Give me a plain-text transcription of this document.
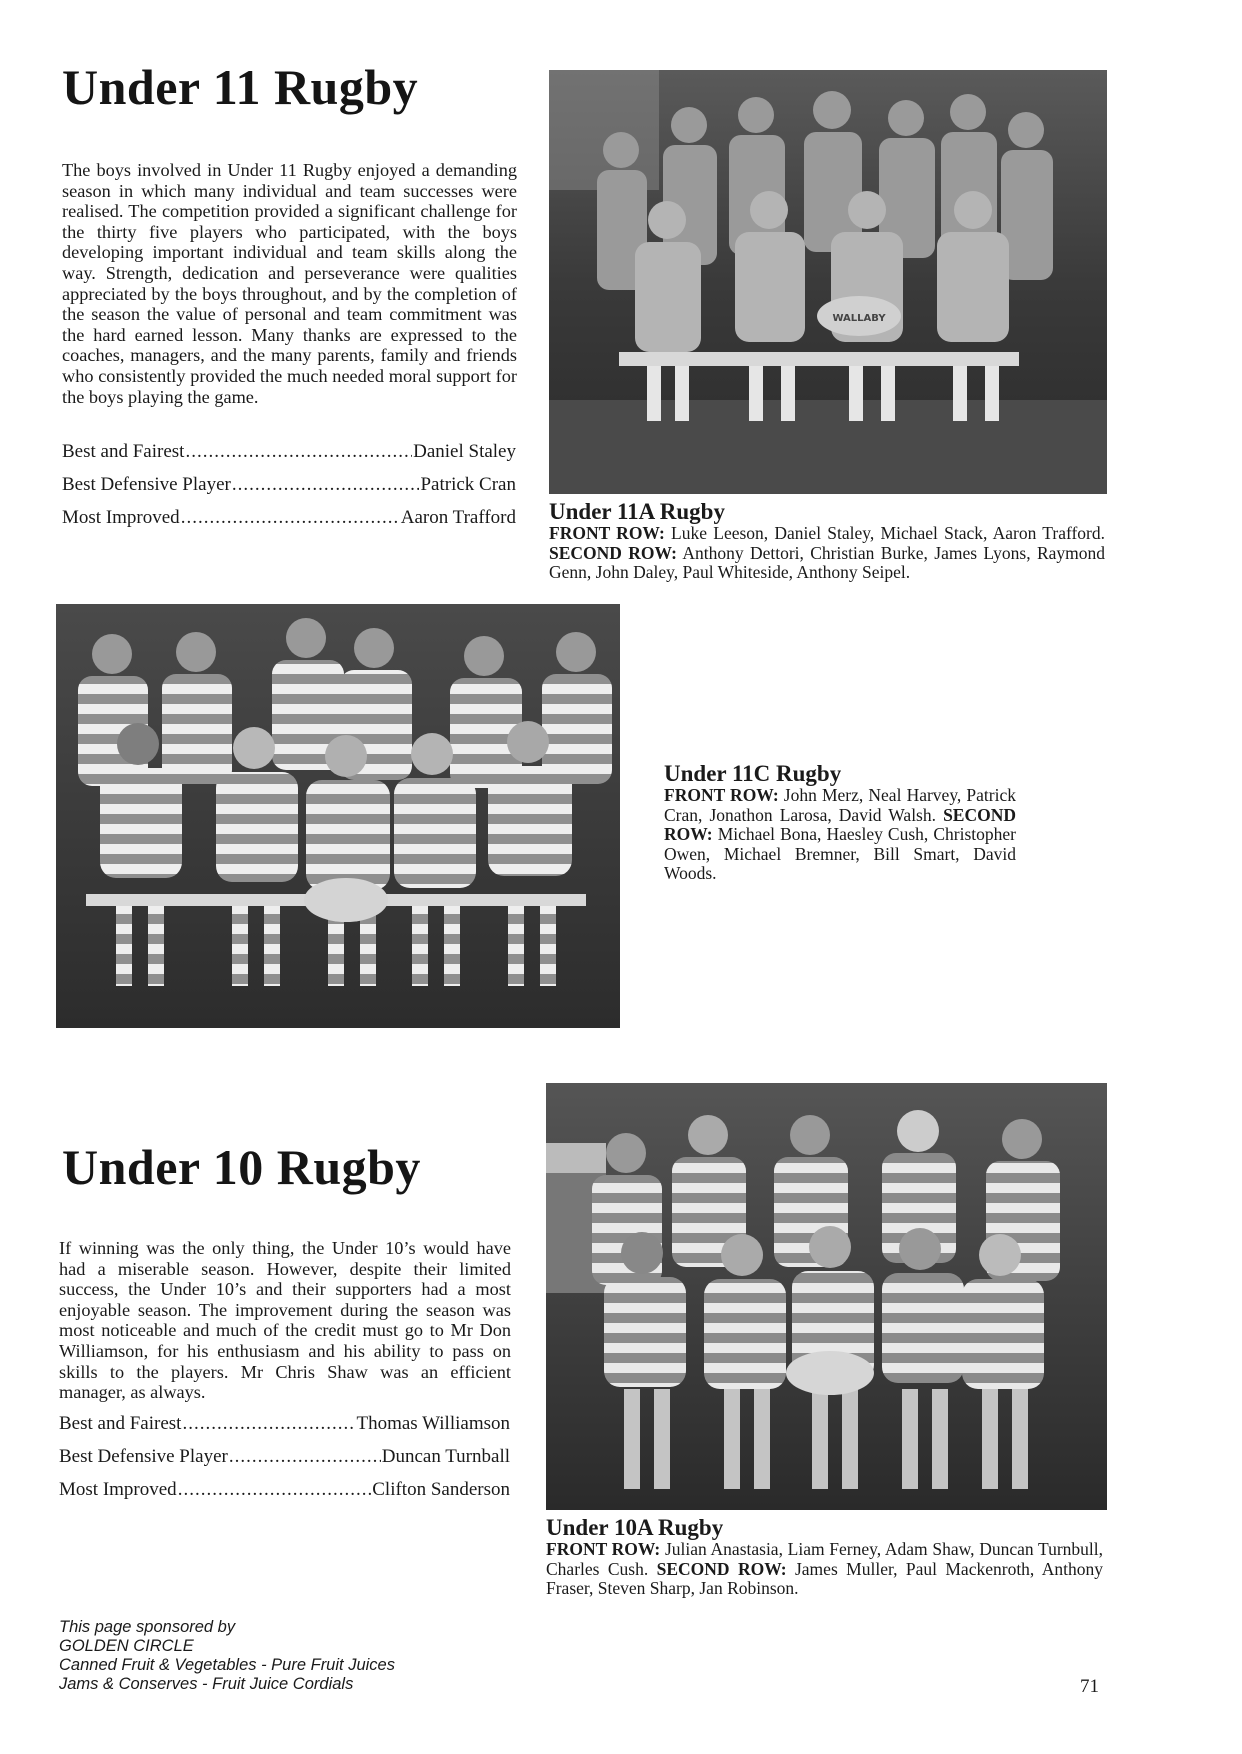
Under 11 Rugby

The boys involved in Under 11 Rugby enjoyed a demanding season in which many individual and team successes were realised. The competition provided a significant challenge for the thirty five players who participated, with the boys developing important individual and team skills along the way. Strength, dedication and perseverance were qualities appreciated by the boys throughout, and by the completion of the season the value of personal and team commitment was the hard earned lesson. Many thanks are expressed to the coaches, managers, and the many parents, family and friends who consistently provided the much needed moral support for the boys playing the game.

Best and Fairest .....	Daniel Staley
Best Defensive Player .....	Patrick Cran
Most Improved .....	Aaron Trafford
WALLABY

Under 11A Rugby

FRONT ROW: Luke Leeson, Daniel Staley, Michael Stack, Aaron Trafford. SECOND ROW: Anthony Dettori, Christian Burke, James Lyons, Raymond Genn, John Daley, Paul Whiteside, Anthony Seipel.

Under 11C Rugby

FRONT ROW: John Merz, Neal Harvey, Patrick Cran, Jonathon Larosa, David Walsh. SECOND ROW: Michael Bona, Haesley Cush, Christopher Owen, Michael Bremner, Bill Smart, David Woods.

Under 10 Rugby

If winning was the only thing, the Under 10’s would have had a miserable season. However, despite their limited success, the Under 10’s and their supporters had a most enjoyable season. The improvement during the season was most noticeable and much of the credit must go to Mr Don Williamson, for his enthusiasm and his ability to pass on skills to the players. Mr Chris Shaw was an efficient manager, as always.

Best and Fairest .....	Thomas Williamson
Best Defensive Player .....	Duncan Turnball
Most Improved .....	Clifton Sanderson

Under 10A Rugby

FRONT ROW: Julian Anastasia, Liam Ferney, Adam Shaw, Duncan Turnbull, Charles Cush. SECOND ROW: James Muller, Paul Mackenroth, Anthony Fraser, Steven Sharp, Jan Robinson.

This page sponsored by
GOLDEN CIRCLE
Canned Fruit & Vegetables - Pure Fruit Juices
Jams & Conserves - Fruit Juice Cordials	71
